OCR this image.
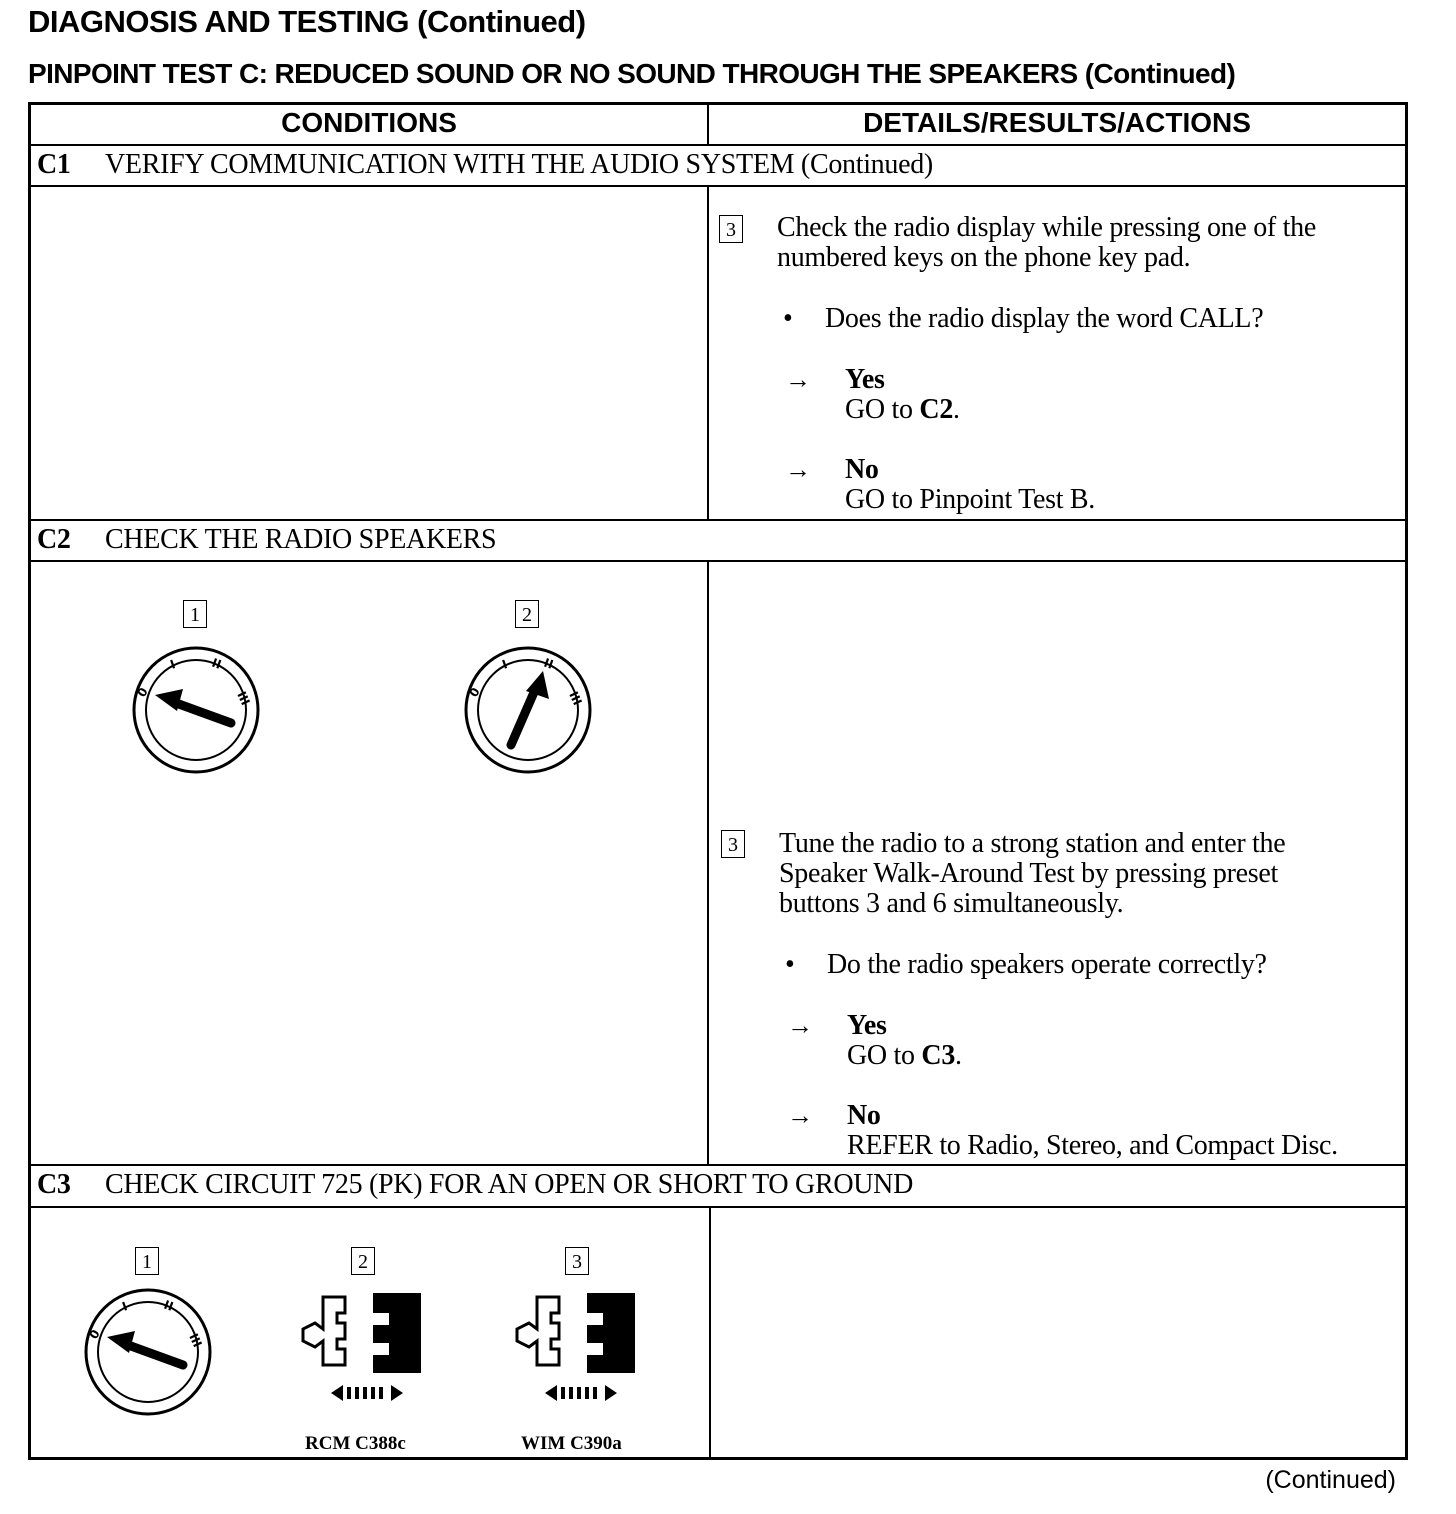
DIAGNOSIS AND TESTING (Continued)
PINPOINT TEST C: REDUCED SOUND OR NO SOUND THROUGH THE SPEAKERS (Continued)
CONDITIONS	DETAILS/RESULTS/ACTIONS
C1 VERIFY COMMUNICATION WITH THE AUDIO SYSTEM (Continued)
3 Check the radio display while pressing one of the
numbered keys on the phone key pad.
• Does the radio display the word CALL?
→ Yes
GO to C2.
→ No
GO to Pinpoint Test B.
C2 CHECK THE RADIO SPEAKERS
1	2
0
I	II
III	0
I	II
III
3 Tune the radio to a strong station and enter the
Speaker Walk-Around Test by pressing preset
buttons 3 and 6 simultaneously.
• Do the radio speakers operate correctly?
→ Yes
GO to C3.
→ No
REFER to Radio, Stereo, and Compact Disc.
C3 CHECK CIRCUIT 725 (PK) FOR AN OPEN OR SHORT TO GROUND
1	2	3
0
I	II
III
RCM C388c	WIM C390a
(Continued)
